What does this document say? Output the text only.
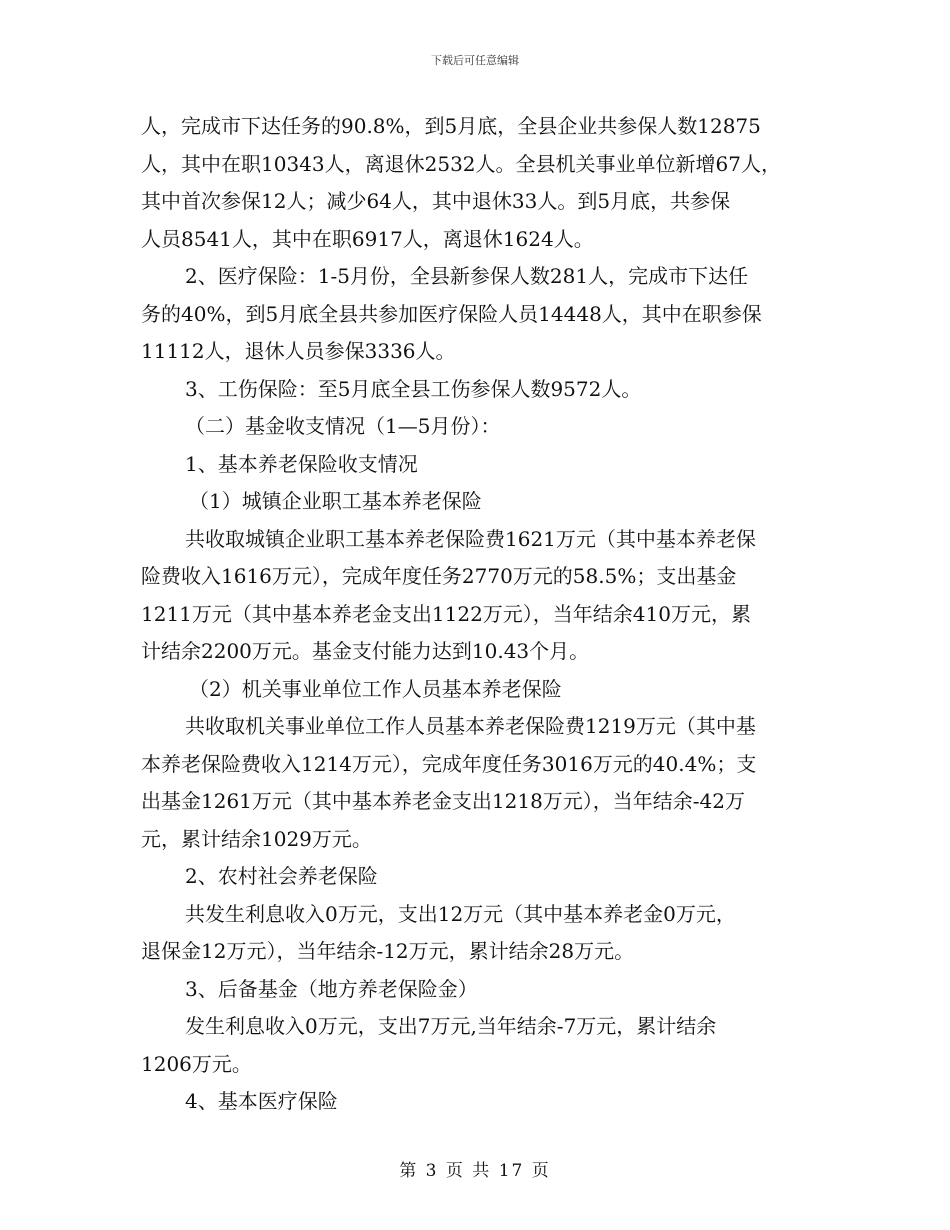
下载后可任意编辑
人，完成市下达任务的90.8%，到5月底，全县企业共参保人数12875
人，其中在职10343人，离退休2532人。全县机关事业单位新增67人，
其中首次参保12人；减少64人，其中退休33人。到5月底，共参保
人员8541人，其中在职6917人，离退休1624人。
2、医疗保险：1-5月份，全县新参保人数281人，完成市下达任
务的40%，到5月底全县共参加医疗保险人员14448人，其中在职参保
11112人，退休人员参保3336人。
3、工伤保险：至5月底全县工伤参保人数9572人。
（二）基金收支情况（1—5月份）：
1、基本养老保险收支情况
（1）城镇企业职工基本养老保险
共收取城镇企业职工基本养老保险费1621万元（其中基本养老保
险费收入1616万元），完成年度任务2770万元的58.5%；支出基金
1211万元（其中基本养老金支出1122万元），当年结余410万元，累
计结余2200万元。基金支付能力达到10.43个月。
（2）机关事业单位工作人员基本养老保险
共收取机关事业单位工作人员基本养老保险费1219万元（其中基
本养老保险费收入1214万元），完成年度任务3016万元的40.4%；支
出基金1261万元（其中基本养老金支出1218万元），当年结余-42万
元，累计结余1029万元。
2、农村社会养老保险
共发生利息收入0万元，支出12万元（其中基本养老金0万元，
退保金12万元），当年结余-12万元，累计结余28万元。
3、后备基金（地方养老保险金）
发生利息收入0万元，支出7万元,当年结余-7万元，累计结余
1206万元。
4、基本医疗保险
第 3 页 共 17 页
